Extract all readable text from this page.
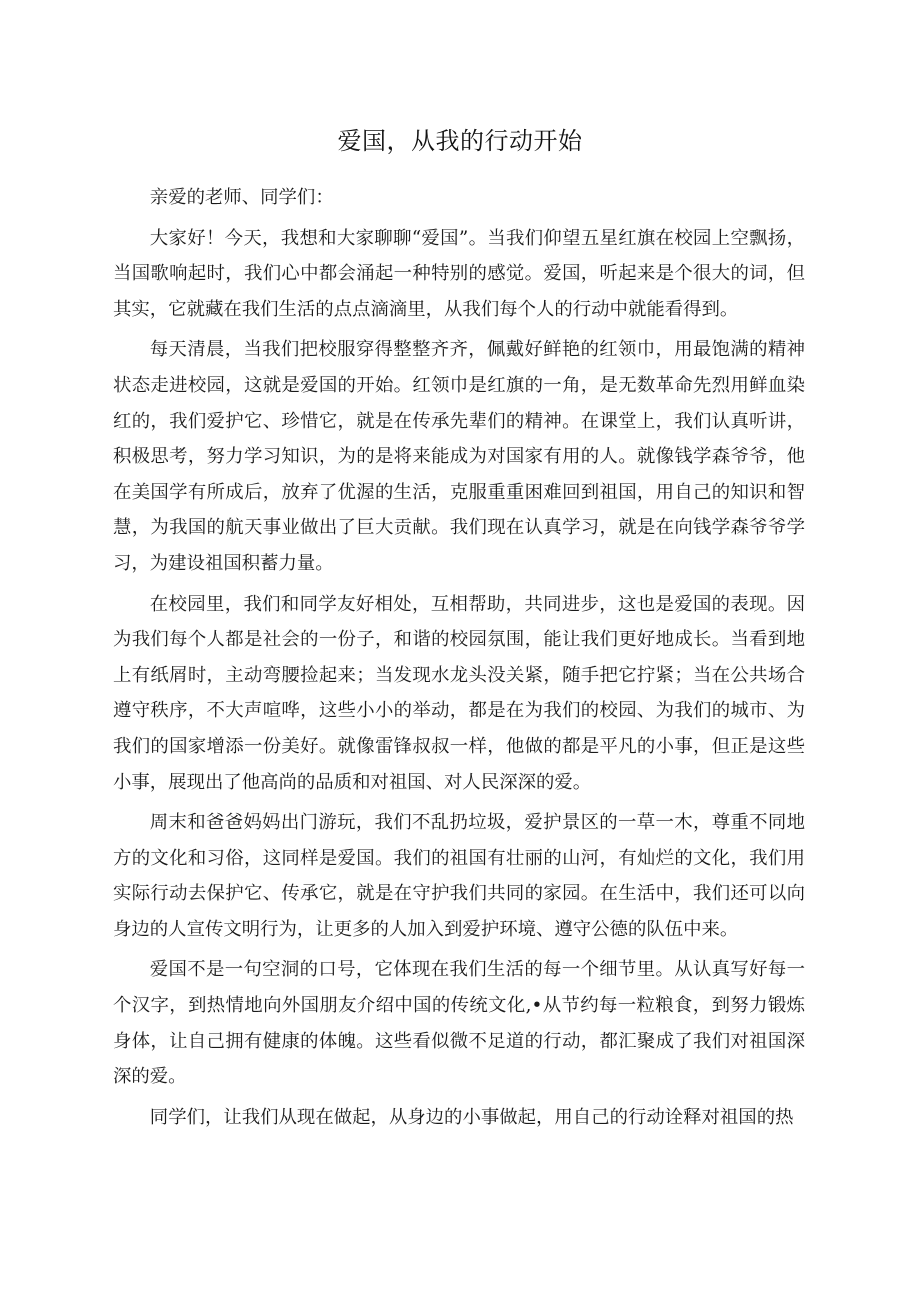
爱国，从我的行动开始

亲爱的老师、同学们：

大家好！今天，我想和大家聊聊“爱国”。当我们仰望五星红旗在校园上空飘扬，当国歌响起时，我们心中都会涌起一种特别的感觉。爱国，听起来是个很大的词，但其实，它就藏在我们生活的点点滴滴里，从我们每个人的行动中就能看得到。

每天清晨，当我们把校服穿得整整齐齐，佩戴好鲜艳的红领巾，用最饱满的精神状态走进校园，这就是爱国的开始。红领巾是红旗的一角，是无数革命先烈用鲜血染红的，我们爱护它、珍惜它，就是在传承先辈们的精神。在课堂上，我们认真听讲，积极思考，努力学习知识，为的是将来能成为对国家有用的人。就像钱学森爷爷，他在美国学有所成后，放弃了优渥的生活，克服重重困难回到祖国，用自己的知识和智慧，为我国的航天事业做出了巨大贡献。我们现在认真学习，就是在向钱学森爷爷学习，为建设祖国积蓄力量。

在校园里，我们和同学友好相处，互相帮助，共同进步，这也是爱国的表现。因为我们每个人都是社会的一份子，和谐的校园氛围，能让我们更好地成长。当看到地上有纸屑时，主动弯腰捡起来；当发现水龙头没关紧，随手把它拧紧；当在公共场合遵守秩序，不大声喧哗，这些小小的举动，都是在为我们的校园、为我们的城市、为我们的国家增添一份美好。就像雷锋叔叔一样，他做的都是平凡的小事，但正是这些小事，展现出了他高尚的品质和对祖国、对人民深深的爱。

周末和爸爸妈妈出门游玩，我们不乱扔垃圾，爱护景区的一草一木，尊重不同地方的文化和习俗，这同样是爱国。我们的祖国有壮丽的山河，有灿烂的文化，我们用实际行动去保护它、传承它，就是在守护我们共同的家园。在生活中，我们还可以向身边的人宣传文明行为，让更多的人加入到爱护环境、遵守公德的队伍中来。

爱国不是一句空洞的口号，它体现在我们生活的每一个细节里。从认真写好每一个汉字，到热情地向外国朋友介绍中国的传统文化,•从节约每一粒粮食，到努力锻炼身体，让自己拥有健康的体魄。这些看似微不足道的行动，都汇聚成了我们对祖国深深的爱。

同学们，让我们从现在做起，从身边的小事做起，用自己的行动诠释对祖国的热
